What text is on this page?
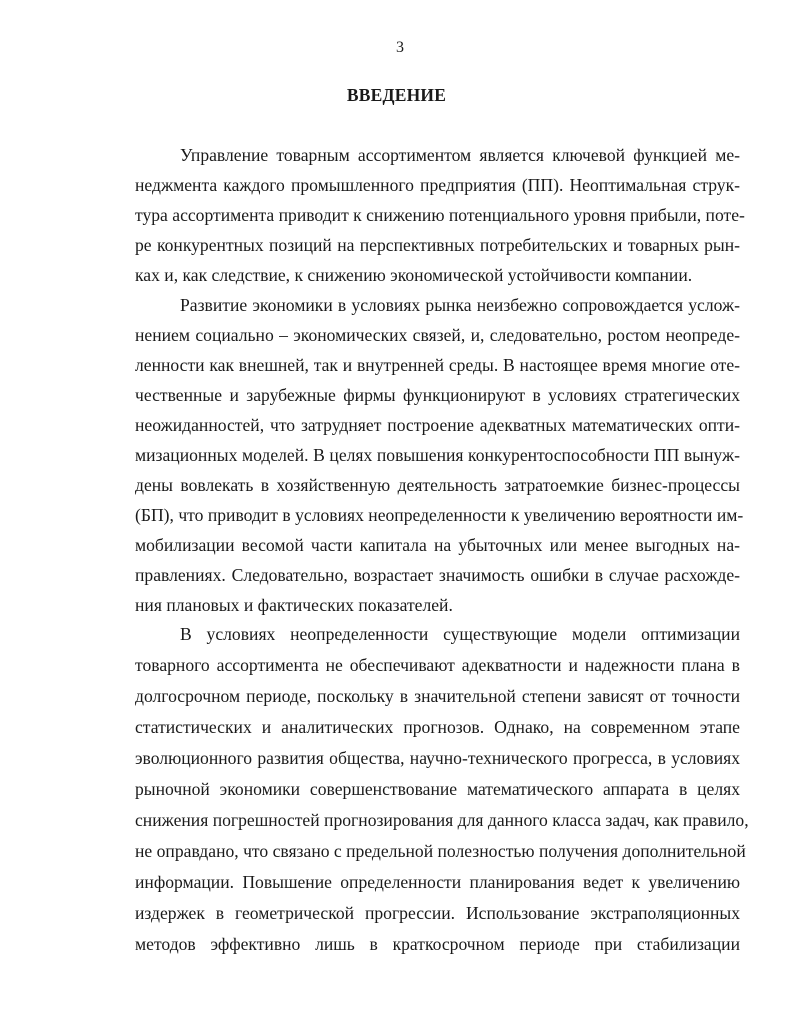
3
ВВЕДЕНИЕ
Управление товарным ассортиментом является ключевой функцией ме-
неджмента каждого промышленного предприятия (ПП). Неоптимальная струк-
тура ассортимента приводит к снижению потенциального уровня прибыли, поте-
ре конкурентных позиций на перспективных потребительских и товарных рын-
ках и, как следствие, к снижению экономической устойчивости компании.
Развитие экономики в условиях рынка неизбежно сопровождается услож-
нением социально – экономических связей, и, следовательно, ростом неопреде-
ленности как внешней, так и внутренней среды. В настоящее время многие оте-
чественные и зарубежные фирмы функционируют в условиях стратегических
неожиданностей, что затрудняет построение адекватных математических опти-
мизационных моделей. В целях повышения конкурентоспособности ПП вынуж-
дены вовлекать в хозяйственную деятельность затратоемкие бизнес-процессы
(БП), что приводит в условиях неопределенности к увеличению вероятности им-
мобилизации весомой части капитала на убыточных или менее выгодных на-
правлениях. Следовательно, возрастает значимость ошибки в случае расхожде-
ния плановых и фактических показателей.
В условиях неопределенности существующие модели оптимизации
товарного ассортимента не обеспечивают адекватности и надежности плана в
долгосрочном периоде, поскольку в значительной степени зависят от точности
статистических и аналитических прогнозов. Однако, на современном этапе
эволюционного развития общества, научно-технического прогресса, в условиях
рыночной экономики совершенствование математического аппарата в целях
снижения погрешностей прогнозирования для данного класса задач, как правило,
не оправдано, что связано с предельной полезностью получения дополнительной
информации. Повышение определенности планирования ведет к увеличению
издержек в геометрической прогрессии. Использование экстраполяционных
методов эффективно лишь в краткосрочном периоде при стабилизации
